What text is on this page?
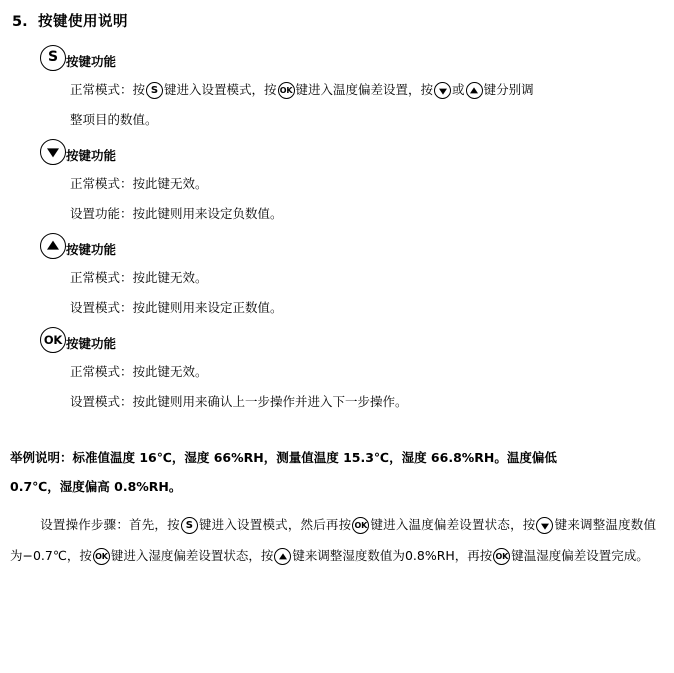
5. 按键使用说明
S 按键功能
正常模式：按 S 键进入设置模式，按 OK 键进入温度偏差设置，按 或 键分别调
整项目的数值。
按键功能
正常模式：按此键无效。
设置功能：按此键则用来设定负数值。
按键功能
正常模式：按此键无效。
设置模式：按此键则用来设定正数值。
OK 按键功能
正常模式：按此键无效。
设置模式：按此键则用来确认上一步操作并进入下一步操作。
举例说明：标准值温度 16℃，湿度 66%RH，测量值温度 15.3℃，湿度 66.8%RH。温度偏低
0.7℃，湿度偏高 0.8%RH。
设置操作步骤：首先，按 S 键进入设置模式，然后再按 OK 键进入温度偏差设置状态，按 键来调整温度数值为−0.7℃，按 OK 键进入湿度偏差设置状态，按 键来调整湿度数值为0.8%RH，再按 OK 键温湿度偏差设置完成。
